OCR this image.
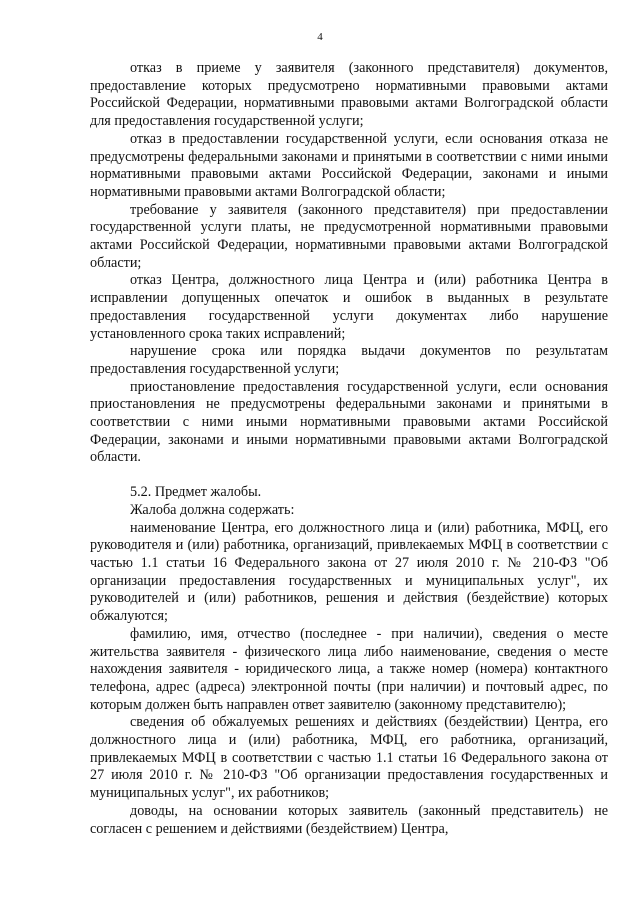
4

отказ в приеме у заявителя (законного представителя) документов, предоставление которых предусмотрено нормативными правовыми актами Российской Федерации, нормативными правовыми актами Волгоградской области для предоставления государственной услуги;

отказ в предоставлении государственной услуги, если основания отказа не предусмотрены федеральными законами и принятыми в соответствии с ними иными нормативными правовыми актами Российской Федерации, законами и иными нормативными правовыми актами Волгоградской области;

требование у заявителя (законного представителя) при предоставлении государственной услуги платы, не предусмотренной нормативными правовыми актами Российской Федерации, нормативными правовыми актами Волгоградской области;

отказ Центра, должностного лица Центра и (или) работника Центра в исправлении допущенных опечаток и ошибок в выданных в результате предоставления государственной услуги документах либо нарушение установленного срока таких исправлений;

нарушение срока или порядка выдачи документов по результатам предоставления государственной услуги;

приостановление предоставления государственной услуги, если основания приостановления не предусмотрены федеральными законами и принятыми в соответствии с ними иными нормативными правовыми актами Российской Федерации, законами и иными нормативными правовыми актами Волгоградской области.

5.2. Предмет жалобы.

Жалоба должна содержать:

наименование Центра, его должностного лица и (или) работника, МФЦ, его руководителя и (или) работника, организаций, привлекаемых МФЦ в соответствии с частью 1.1 статьи 16 Федерального закона от 27 июля 2010 г. № 210-ФЗ "Об организации предоставления государственных и муниципальных услуг", их руководителей и (или) работников, решения и действия (бездействие) которых обжалуются;

фамилию, имя, отчество (последнее - при наличии), сведения о месте жительства заявителя - физического лица либо наименование, сведения о месте нахождения заявителя - юридического лица, а также номер (номера) контактного телефона, адрес (адреса) электронной почты (при наличии) и почтовый адрес, по которым должен быть направлен ответ заявителю (законному представителю);

сведения об обжалуемых решениях и действиях (бездействии) Центра, его должностного лица и (или) работника, МФЦ, его работника, организаций, привлекаемых МФЦ в соответствии с частью 1.1 статьи 16 Федерального закона от 27 июля 2010 г. № 210-ФЗ "Об организации предоставления государственных и муниципальных услуг", их работников;

доводы, на основании которых заявитель (законный представитель) не согласен с решением и действиями (бездействием) Центра,
